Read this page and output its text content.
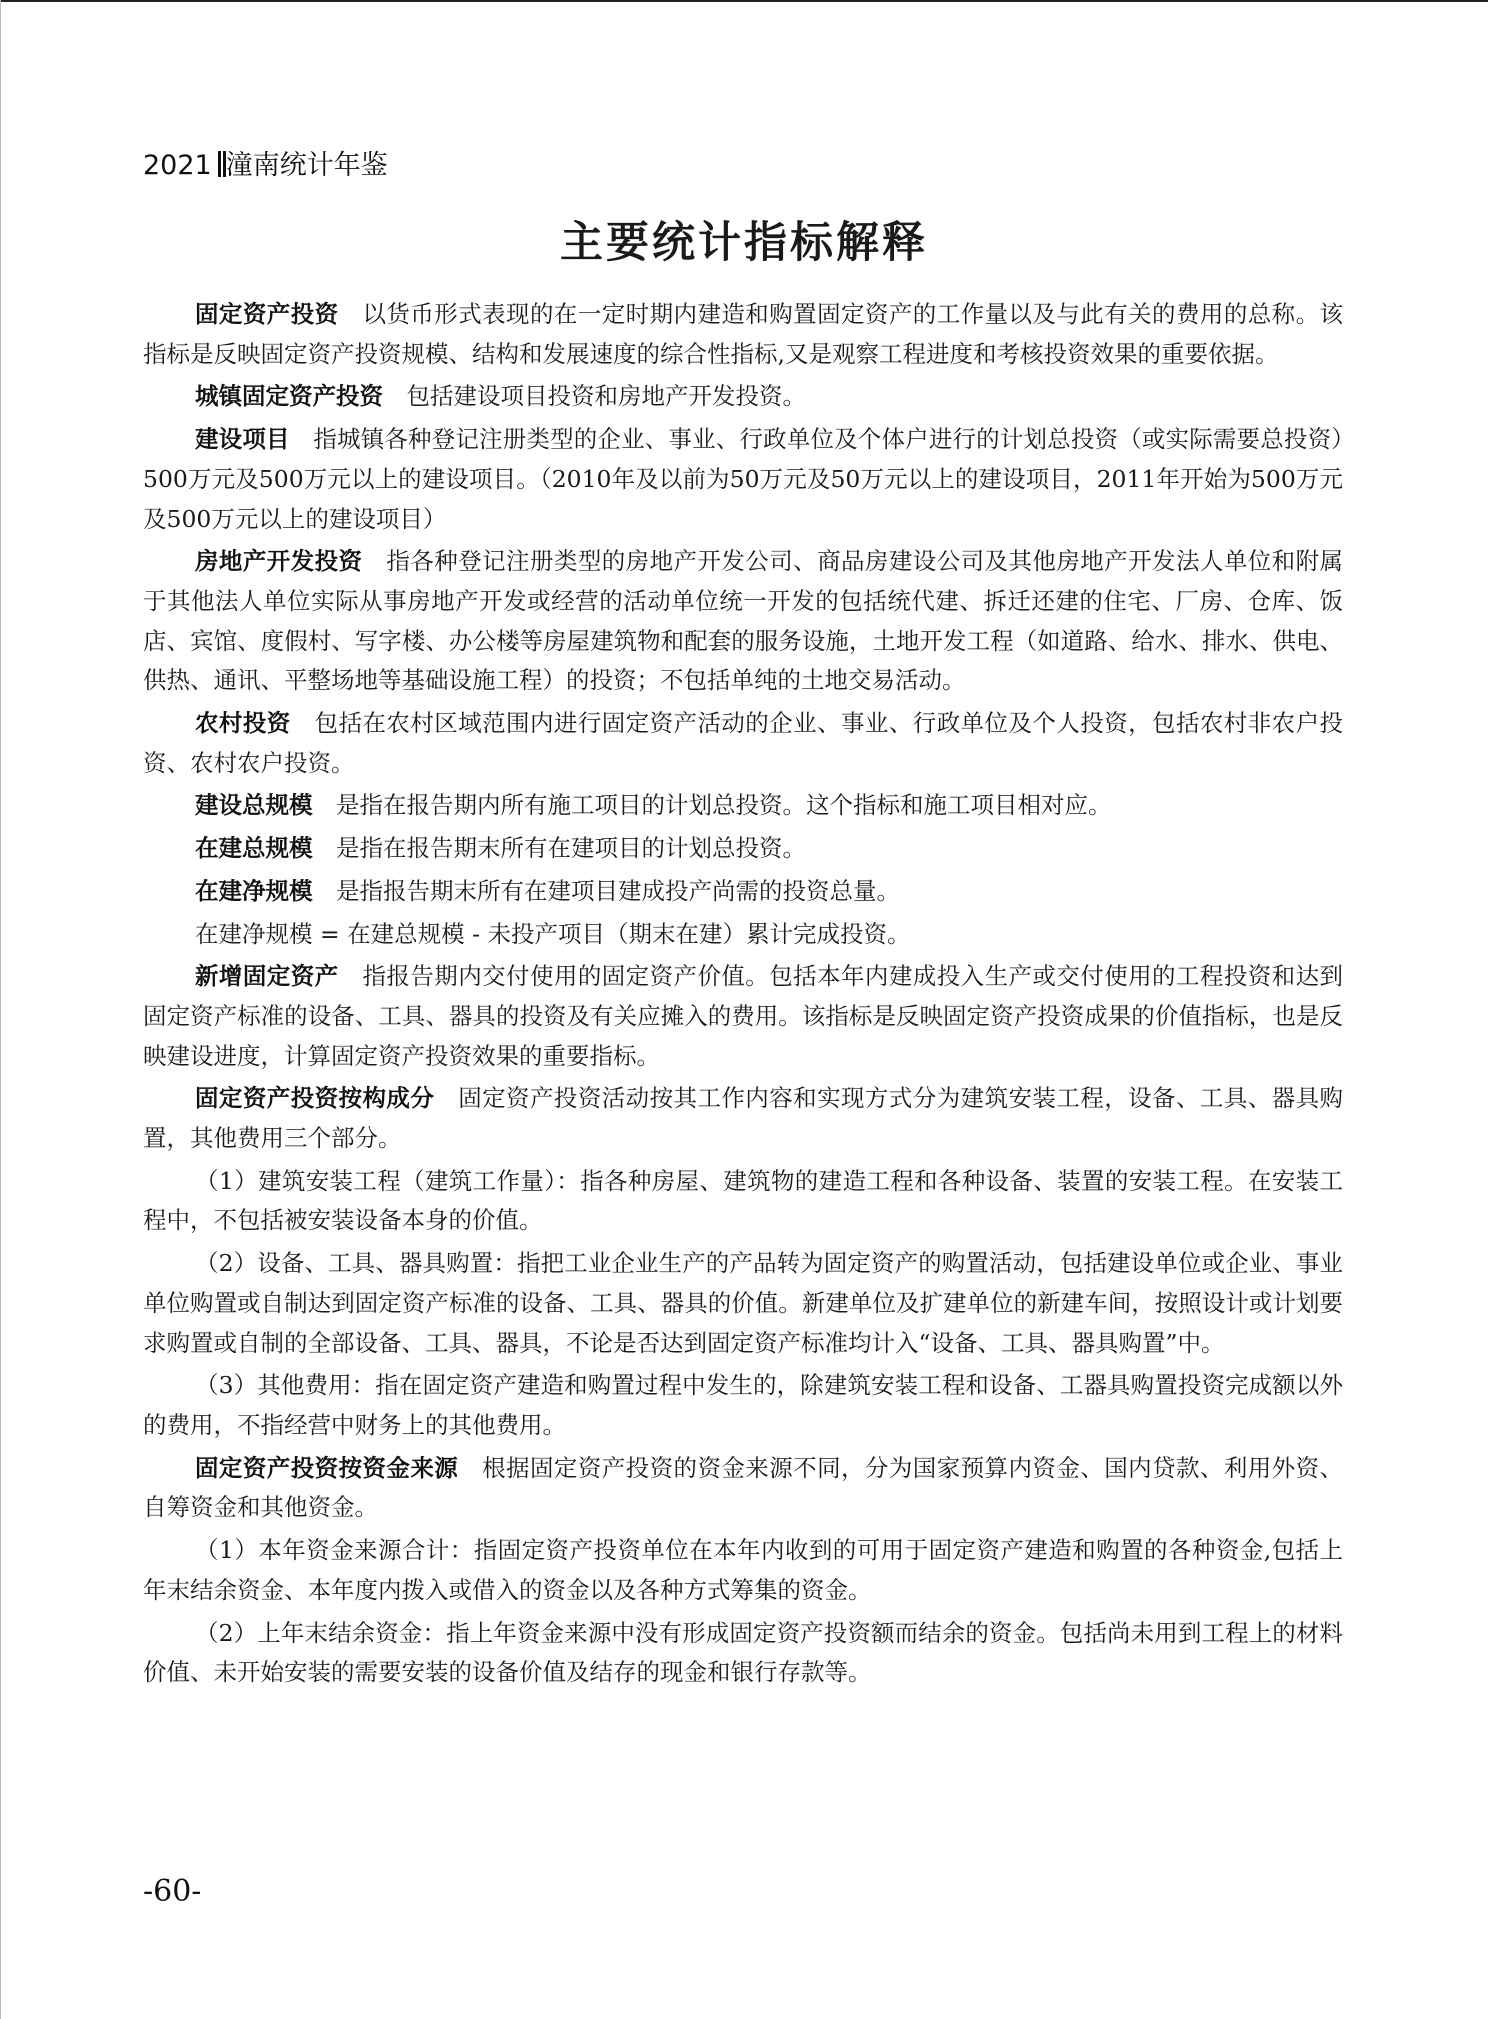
2021 潼南统计年鉴
主要统计指标解释

固定资产投资　 以货币形式表现的在一定时期内建造和购置固定资产的工作量以及与此有关的费用的总称。该指标是反映固定资产投资规模、结构和发展速度的综合性指标,又是观察工程进度和考核投资效果的重要依据。

城镇固定资产投资　 包括建设项目投资和房地产开发投资。

建设项目　 指城镇各种登记注册类型的企业、事业、行政单位及个体户进行的计划总投资（或实际需要总投资）500万元及500万元以上的建设项目。（2010年及以前为50万元及50万元以上的建设项目，2011年开始为500万元及500万元以上的建设项目）

房地产开发投资　 指各种登记注册类型的房地产开发公司、商品房建设公司及其他房地产开发法人单位和附属于其他法人单位实际从事房地产开发或经营的活动单位统一开发的包括统代建、拆迁还建的住宅、厂房、仓库、饭店、宾馆、度假村、写字楼、办公楼等房屋建筑物和配套的服务设施，土地开发工程（如道路、给水、排水、供电、供热、通讯、平整场地等基础设施工程）的投资；不包括单纯的土地交易活动。

农村投资　 包括在农村区域范围内进行固定资产活动的企业、事业、行政单位及个人投资，包括农村非农户投资、农村农户投资。

建设总规模　 是指在报告期内所有施工项目的计划总投资。这个指标和施工项目相对应。

在建总规模　 是指在报告期末所有在建项目的计划总投资。

在建净规模　 是指报告期末所有在建项目建成投产尚需的投资总量。

在建净规模 = 在建总规模 - 未投产项目（期末在建）累计完成投资。

新增固定资产　 指报告期内交付使用的固定资产价值。包括本年内建成投入生产或交付使用的工程投资和达到固定资产标准的设备、工具、器具的投资及有关应摊入的费用。该指标是反映固定资产投资成果的价值指标，也是反映建设进度，计算固定资产投资效果的重要指标。

固定资产投资按构成分　 固定资产投资活动按其工作内容和实现方式分为建筑安装工程，设备、工具、器具购置，其他费用三个部分。

（1）建筑安装工程（建筑工作量）：指各种房屋、建筑物的建造工程和各种设备、装置的安装工程。在安装工程中，不包括被安装设备本身的价值。

（2）设备、工具、器具购置：指把工业企业生产的产品转为固定资产的购置活动，包括建设单位或企业、事业单位购置或自制达到固定资产标准的设备、工具、器具的价值。新建单位及扩建单位的新建车间，按照设计或计划要求购置或自制的全部设备、工具、器具，不论是否达到固定资产标准均计入“设备、工具、器具购置”中。

（3）其他费用：指在固定资产建造和购置过程中发生的，除建筑安装工程和设备、工器具购置投资完成额以外的费用，不指经营中财务上的其他费用。

固定资产投资按资金来源　 根据固定资产投资的资金来源不同，分为国家预算内资金、国内贷款、利用外资、自筹资金和其他资金。

（1）本年资金来源合计：指固定资产投资单位在本年内收到的可用于固定资产建造和购置的各种资金,包括上年末结余资金、本年度内拨入或借入的资金以及各种方式筹集的资金。

（2）上年末结余资金：指上年资金来源中没有形成固定资产投资额而结余的资金。包括尚未用到工程上的材料价值、未开始安装的需要安装的设备价值及结存的现金和银行存款等。

-60-
